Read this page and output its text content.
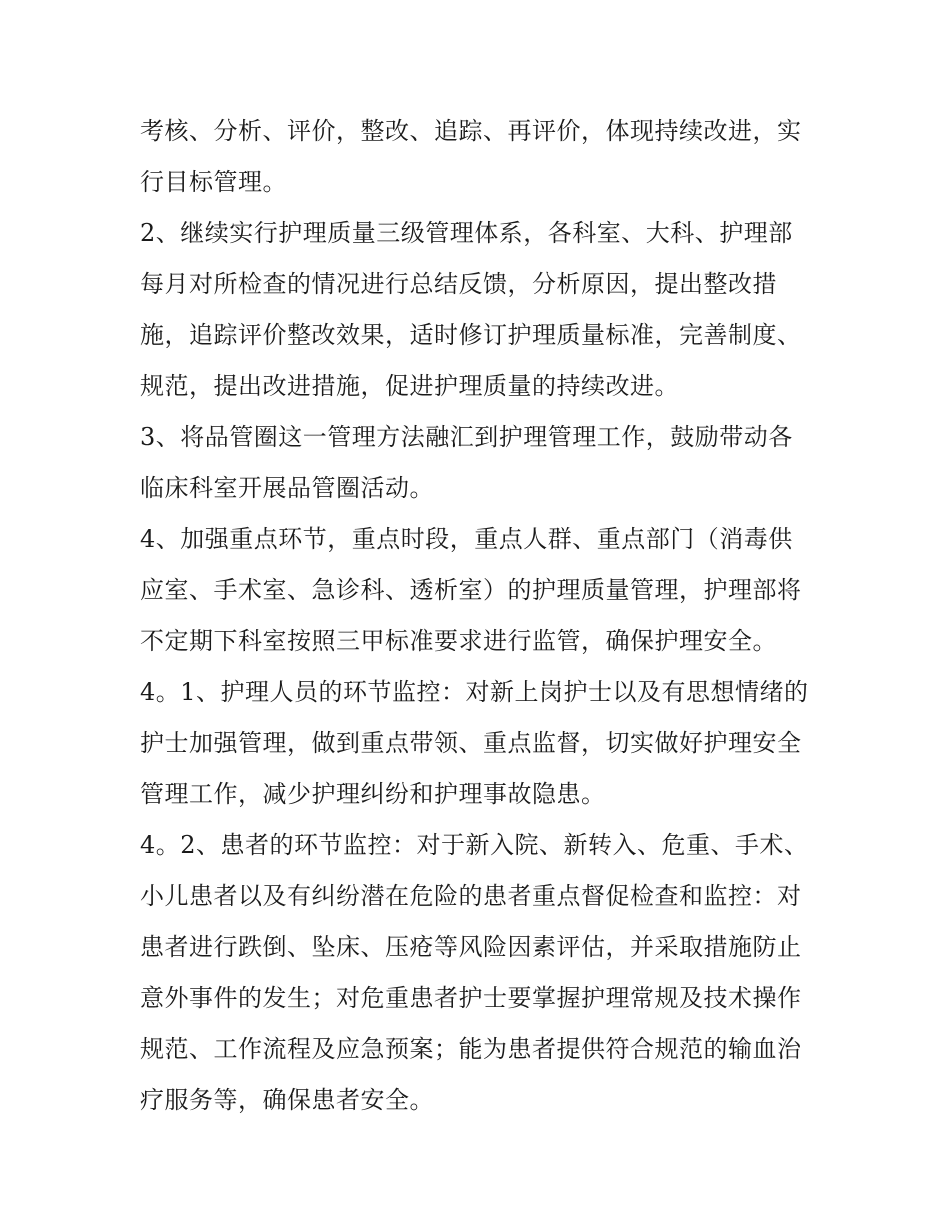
考核、分析、评价，整改、追踪、再评价，体现持续改进，实
行目标管理。
2、继续实行护理质量三级管理体系，各科室、大科、护理部
每月对所检查的情况进行总结反馈，分析原因，提出整改措
施，追踪评价整改效果，适时修订护理质量标准，完善制度、
规范，提出改进措施，促进护理质量的持续改进。
3、将品管圈这一管理方法融汇到护理管理工作，鼓励带动各
临床科室开展品管圈活动。
4、加强重点环节，重点时段，重点人群、重点部门（消毒供
应室、手术室、急诊科、透析室）的护理质量管理，护理部将
不定期下科室按照三甲标准要求进行监管，确保护理安全。
4。1、护理人员的环节监控：对新上岗护士以及有思想情绪的
护士加强管理，做到重点带领、重点监督，切实做好护理安全
管理工作，减少护理纠纷和护理事故隐患。
4。2、患者的环节监控：对于新入院、新转入、危重、手术、
小儿患者以及有纠纷潜在危险的患者重点督促检查和监控：对
患者进行跌倒、坠床、压疮等风险因素评估，并采取措施防止
意外事件的发生；对危重患者护士要掌握护理常规及技术操作
规范、工作流程及应急预案；能为患者提供符合规范的输血治
疗服务等，确保患者安全。
